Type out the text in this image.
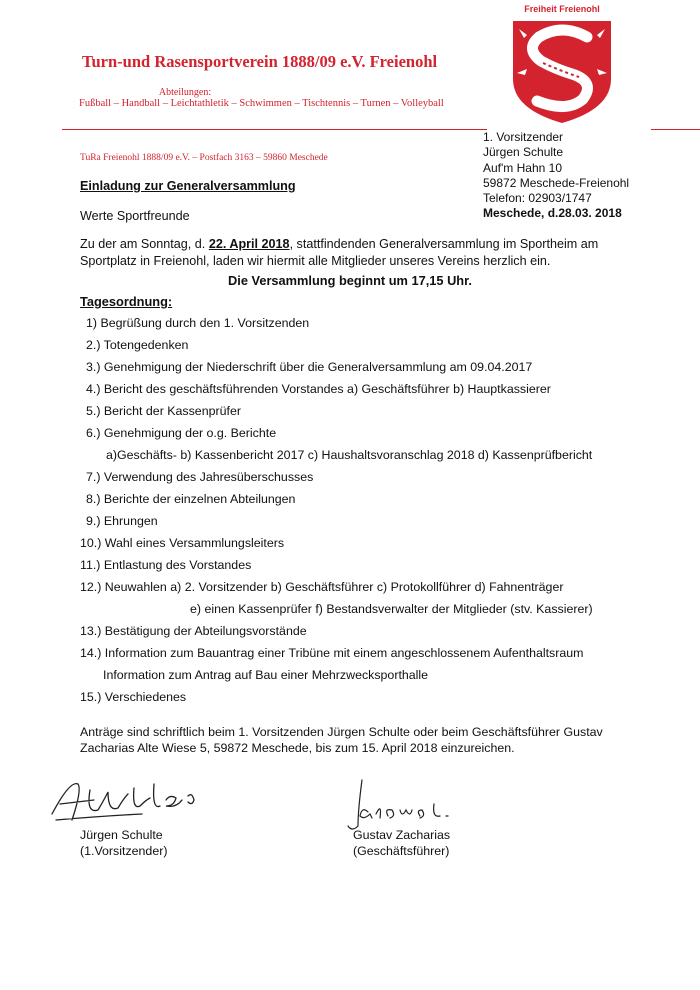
Turn-und Rasensportverein 1888/09 e.V. Freienohl
Abteilungen:
Fußball – Handball – Leichtathletik – Schwimmen – Tischtennis – Turnen – Volleyball
TuRa Freienohl 1888/09 e.V. – Postfach 3163 – 59860 Meschede
Freiheit Freienohl
1. Vorsitzender
Jürgen Schulte
Auf'm Hahn 10
59872 Meschede-Freienohl
Telefon: 02903/1747
Meschede, d.28.03. 2018
Einladung zur Generalversammlung
Werte Sportfreunde
Zu der am Sonntag, d. 22. April 2018, stattfindenden Generalversammlung im Sportheim am Sportplatz in Freienohl, laden wir hiermit alle Mitglieder unseres Vereins herzlich ein.
Die Versammlung beginnt um 17,15 Uhr.
Tagesordnung:
1) Begrüßung durch den 1. Vorsitzenden
2.) Totengedenken
3.) Genehmigung der Niederschrift über die Generalversammlung am 09.04.2017
4.) Bericht des geschäftsführenden Vorstandes a) Geschäftsführer b) Hauptkassierer
5.) Bericht der Kassenprüfer
6.) Genehmigung der o.g. Berichte
a)Geschäfts- b) Kassenbericht 2017 c) Haushaltsvoranschlag 2018 d) Kassenprüfbericht
7.) Verwendung des Jahresüberschusses
8.) Berichte der einzelnen Abteilungen
9.) Ehrungen
10.) Wahl eines Versammlungsleiters
11.) Entlastung des Vorstandes
12.) Neuwahlen a) 2. Vorsitzender b) Geschäftsführer c) Protokollführer d) Fahnenträger
e) einen Kassenprüfer f) Bestandsverwalter der Mitglieder (stv. Kassierer)
13.) Bestätigung der Abteilungsvorstände
14.) Information zum Bauantrag einer Tribüne mit einem angeschlossenem Aufenthaltsraum
Information zum Antrag auf Bau einer Mehrzwecksporthalle
15.) Verschiedenes
Anträge sind schriftlich beim 1. Vorsitzenden Jürgen Schulte oder beim Geschäftsführer Gustav Zacharias Alte Wiese 5, 59872 Meschede, bis zum 15. April 2018 einzureichen.
Jürgen Schulte
(1.Vorsitzender)
Gustav Zacharias
(Geschäftsführer)
